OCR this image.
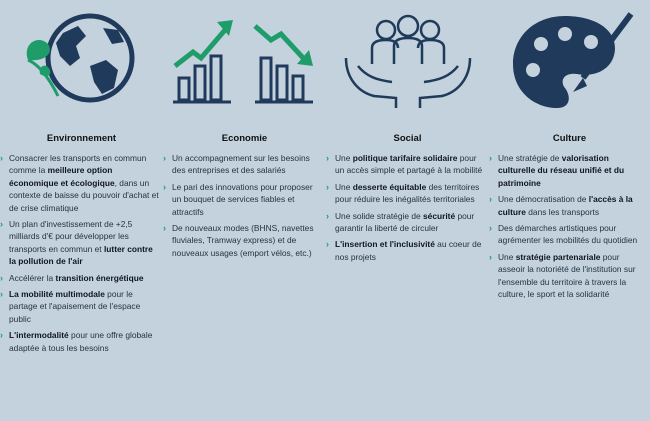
Environnement
› Consacrer les transports en commun comme la meilleure option économique et écologique, dans un contexte de baisse du pouvoir d'achat et de crise climatique
› Un plan d'investissement de +2,5 milliards d'€ pour développer les transports en commun et lutter contre la pollution de l'air
› Accélérer la transition énergétique
› La mobilité multimodale pour le partage et l'apaisement de l'espace public
› L'intermodalité pour une offre globale adaptée à tous les besoins
Economie
› Un accompagnement sur les besoins des entreprises et des salariés
› Le pari des innovations pour proposer un bouquet de services fiables et attractifs
› De nouveaux modes (BHNS, navettes fluviales, Tramway express) et de nouveaux usages (emport vélos, etc.)
Social
› Une politique tarifaire solidaire pour un accès simple et partagé à la mobilité
› Une desserte équitable des territoires pour réduire les inégalités territoriales
› Une solide stratégie de sécurité pour garantir la liberté de circuler
› L'insertion et l'inclusivité au coeur de nos projets
Culture
› Une stratégie de valorisation culturelle du réseau unifié et du patrimoine
› Une démocratisation de l'accès à la culture dans les transports
› Des démarches artistiques pour agrémenter les mobilités du quotidien
› Une stratégie partenariale pour asseoir la notoriété de l'institution sur l'ensemble du territoire à travers la culture, le sport et la solidarité
